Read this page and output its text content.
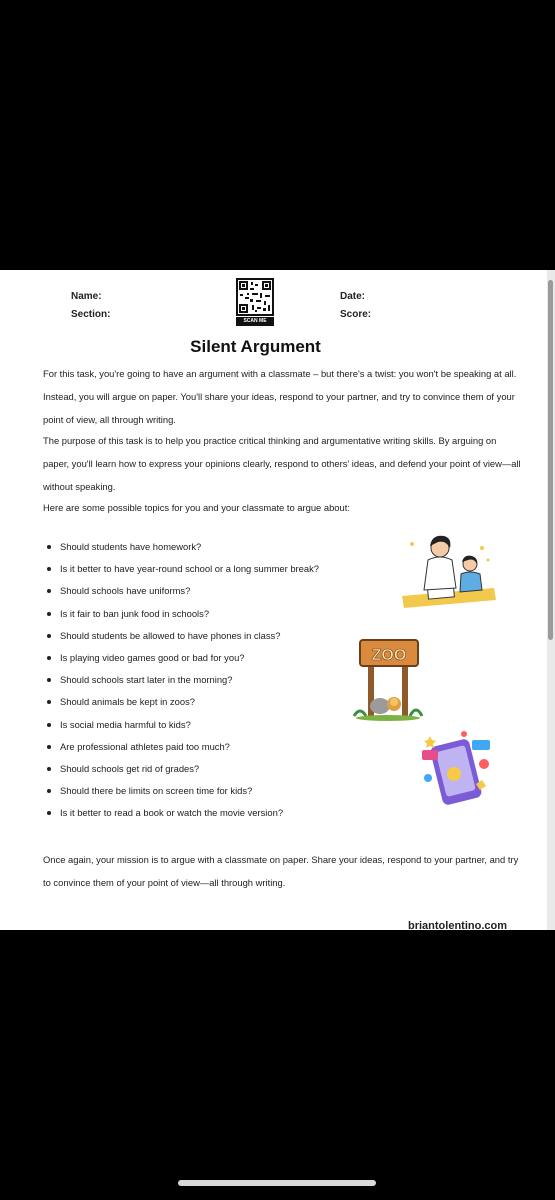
Name:
Section:
Date:
Score:
SCAN ME
Silent Argument

For this task, you're going to have an argument with a classmate – but there's a twist: you won't be speaking at all. Instead, you will argue on paper. You'll share your ideas, respond to your partner, and try to convince them of your point of view, all through writing.

The purpose of this task is to help you practice critical thinking and argumentative writing skills. By arguing on paper, you'll learn how to express your opinions clearly, respond to others' ideas, and defend your point of view—all without speaking.

Here are some possible topics for you and your classmate to argue about:

Should students have homework?
Is it better to have year-round school or a long summer break?
Should schools have uniforms?
Is it fair to ban junk food in schools?
Should students be allowed to have phones in class?
Is playing video games good or bad for you?
Should schools start later in the morning?
Should animals be kept in zoos?
Is social media harmful to kids?
Are professional athletes paid too much?
Should schools get rid of grades?
Should there be limits on screen time for kids?
Is it better to read a book or watch the movie version?
ZOO

Once again, your mission is to argue with a classmate on paper. Share your ideas, respond to your partner, and try to convince them of your point of view—all through writing.

briantolentino.com
